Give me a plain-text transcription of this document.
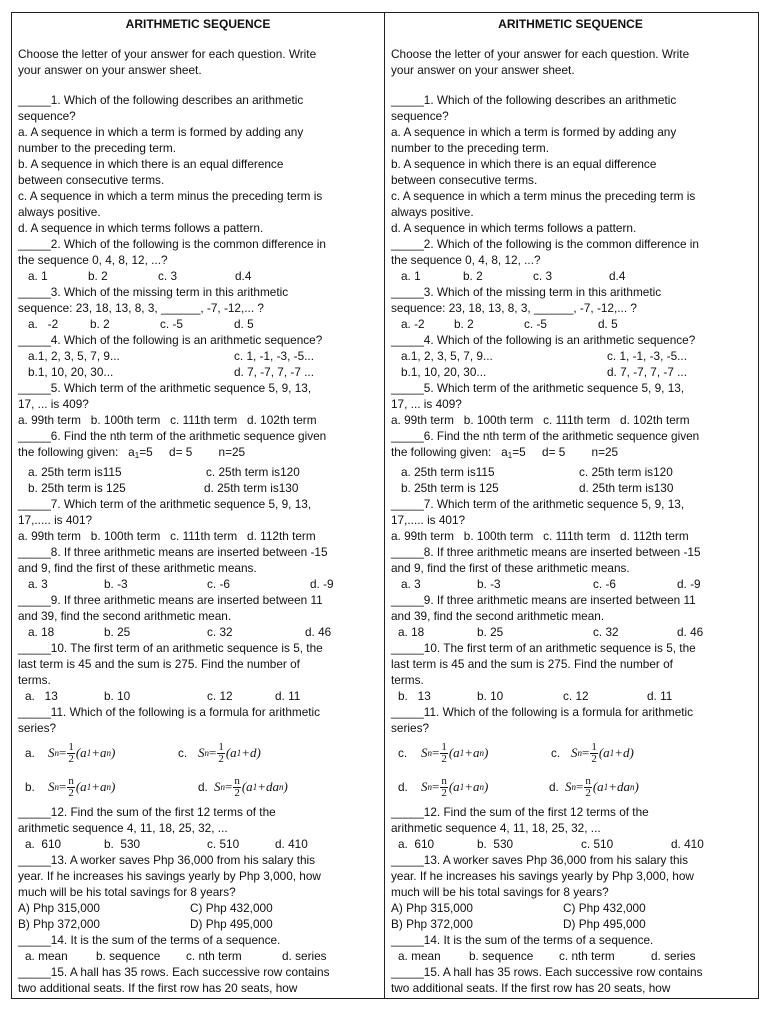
ARITHMETIC SEQUENCE
Choose the letter of your answer for each question. Write
your answer on your answer sheet.
_____1. Which of the following describes an arithmetic
sequence?
a. A sequence in which a term is formed by adding any
number to the preceding term.
b. A sequence in which there is an equal difference
between consecutive terms.
c. A sequence in which a term minus the preceding term is
always positive.
d. A sequence in which terms follows a pattern.
_____2. Which of the following is the common difference in
the sequence 0, 4, 8, 12, ...?
a. 1	b. 2	c. 3	d.4
_____3. Which of the missing term in this arithmetic
sequence: 23, 18, 13, 8, 3, ______, -7, -12,... ?
a.   -2	b. 2	c. -5	d. 5
_____4. Which of the following is an arithmetic sequence?
a.1, 2, 3, 5, 7, 9...	c. 1, -1, -3, -5...
b.1, 10, 20, 30...	d. 7, -7, 7, -7 ...
_____5. Which term of the arithmetic sequence 5, 9, 13,
17, ... is 409?
a. 99th term   b. 100th term   c. 111th term   d. 102th term
_____6. Find the nth term of the arithmetic sequence given
the following given:   a1=5     d= 5        n=25
a. 25th term is115	c. 25th term is120
b. 25th term is 125	d. 25th term is130
_____7. Which term of the arithmetic sequence 5, 9, 13,
17,..... is 401?
a. 99th term   b. 100th term   c. 111th term   d. 112th term
_____8. If three arithmetic means are inserted between -15
and 9, find the first of these arithmetic means.
a. 3	b. -3	c. -6	d. -9
_____9. If three arithmetic means are inserted between 11
and 39, find the second arithmetic mean.
a. 18	b. 25	c. 32	d. 46
_____10. The first term of an arithmetic sequence is 5, the
last term is 45 and the sum is 275. Find the number of
terms.
a.   13	b. 10	c. 12	d. 11
_____11. Which of the following is a formula for arithmetic
series?
a.	S $n = \frac{1}{2} (a$ 1 +a n )	c. S $n = \frac{1}{2} (a$ 1 +d)
b.	S $n = \frac{n}{2} (a$ 1 +a n )	d. S $n = \frac{n}{2} (a$ 1 +da n )
_____12. Find the sum of the first 12 terms of the
arithmetic sequence 4, 11, 18, 25, 32, ...
a.  610	b.  530	c. 510	d. 410
_____13. A worker saves Php 36,000 from his salary this
year. If he increases his savings yearly by Php 3,000, how
much will be his total savings for 8 years?
A) Php 315,000	C) Php 432,000
B) Php 372,000	D) Php 495,000
_____14. It is the sum of the terms of a sequence.
a. mean	b. sequence	c. nth term	d. series
_____15. A hall has 35 rows. Each successive row contains
two additional seats. If the first row has 20 seats, how
ARITHMETIC SEQUENCE
Choose the letter of your answer for each question. Write
your answer on your answer sheet.
_____1. Which of the following describes an arithmetic
sequence?
a. A sequence in which a term is formed by adding any
number to the preceding term.
b. A sequence in which there is an equal difference
between consecutive terms.
c. A sequence in which a term minus the preceding term is
always positive.
d. A sequence in which terms follows a pattern.
_____2. Which of the following is the common difference in
the sequence 0, 4, 8, 12, ...?
a. 1	b. 2	c. 3	d.4
_____3. Which of the missing term in this arithmetic
sequence: 23, 18, 13, 8, 3, ______, -7, -12,... ?
a. -2	b. 2	c. -5	d. 5
_____4. Which of the following is an arithmetic sequence?
a.1, 2, 3, 5, 7, 9...	c. 1, -1, -3, -5...
b.1, 10, 20, 30...	d. 7, -7, 7, -7 ...
_____5. Which term of the arithmetic sequence 5, 9, 13,
17, ... is 409?
a. 99th term   b. 100th term   c. 111th term   d. 102th term
_____6. Find the nth term of the arithmetic sequence given
the following given:   a1=5     d= 5        n=25
a. 25th term is115	c. 25th term is120
b. 25th term is 125	d. 25th term is130
_____7. Which term of the arithmetic sequence 5, 9, 13,
17,..... is 401?
a. 99th term   b. 100th term   c. 111th term   d. 112th term
_____8. If three arithmetic means are inserted between -15
and 9, find the first of these arithmetic means.
a. 3	b. -3	c. -6	d. -9
_____9. If three arithmetic means are inserted between 11
and 39, find the second arithmetic mean.
a. 18	b. 25	c. 32	d. 46
_____10. The first term of an arithmetic sequence is 5, the
last term is 45 and the sum is 275. Find the number of
terms.
b.   13	b. 10	c. 12	d. 11
_____11. Which of the following is a formula for arithmetic
series?
c.	S $n = \frac{1}{2} (a$ 1 +a n )	c. S $n = \frac{1}{2} (a$ 1 +d)
d.	S $n = \frac{n}{2} (a$ 1 +a n )	d. S $n = \frac{n}{2} (a$ 1 +da n )
_____12. Find the sum of the first 12 terms of the
arithmetic sequence 4, 11, 18, 25, 32, ...
a.  610	b.  530	c. 510	d. 410
_____13. A worker saves Php 36,000 from his salary this
year. If he increases his savings yearly by Php 3,000, how
much will be his total savings for 8 years?
A) Php 315,000	C) Php 432,000
B) Php 372,000	D) Php 495,000
_____14. It is the sum of the terms of a sequence.
a. mean	b. sequence	c. nth term	d. series
_____15. A hall has 35 rows. Each successive row contains
two additional seats. If the first row has 20 seats, how
